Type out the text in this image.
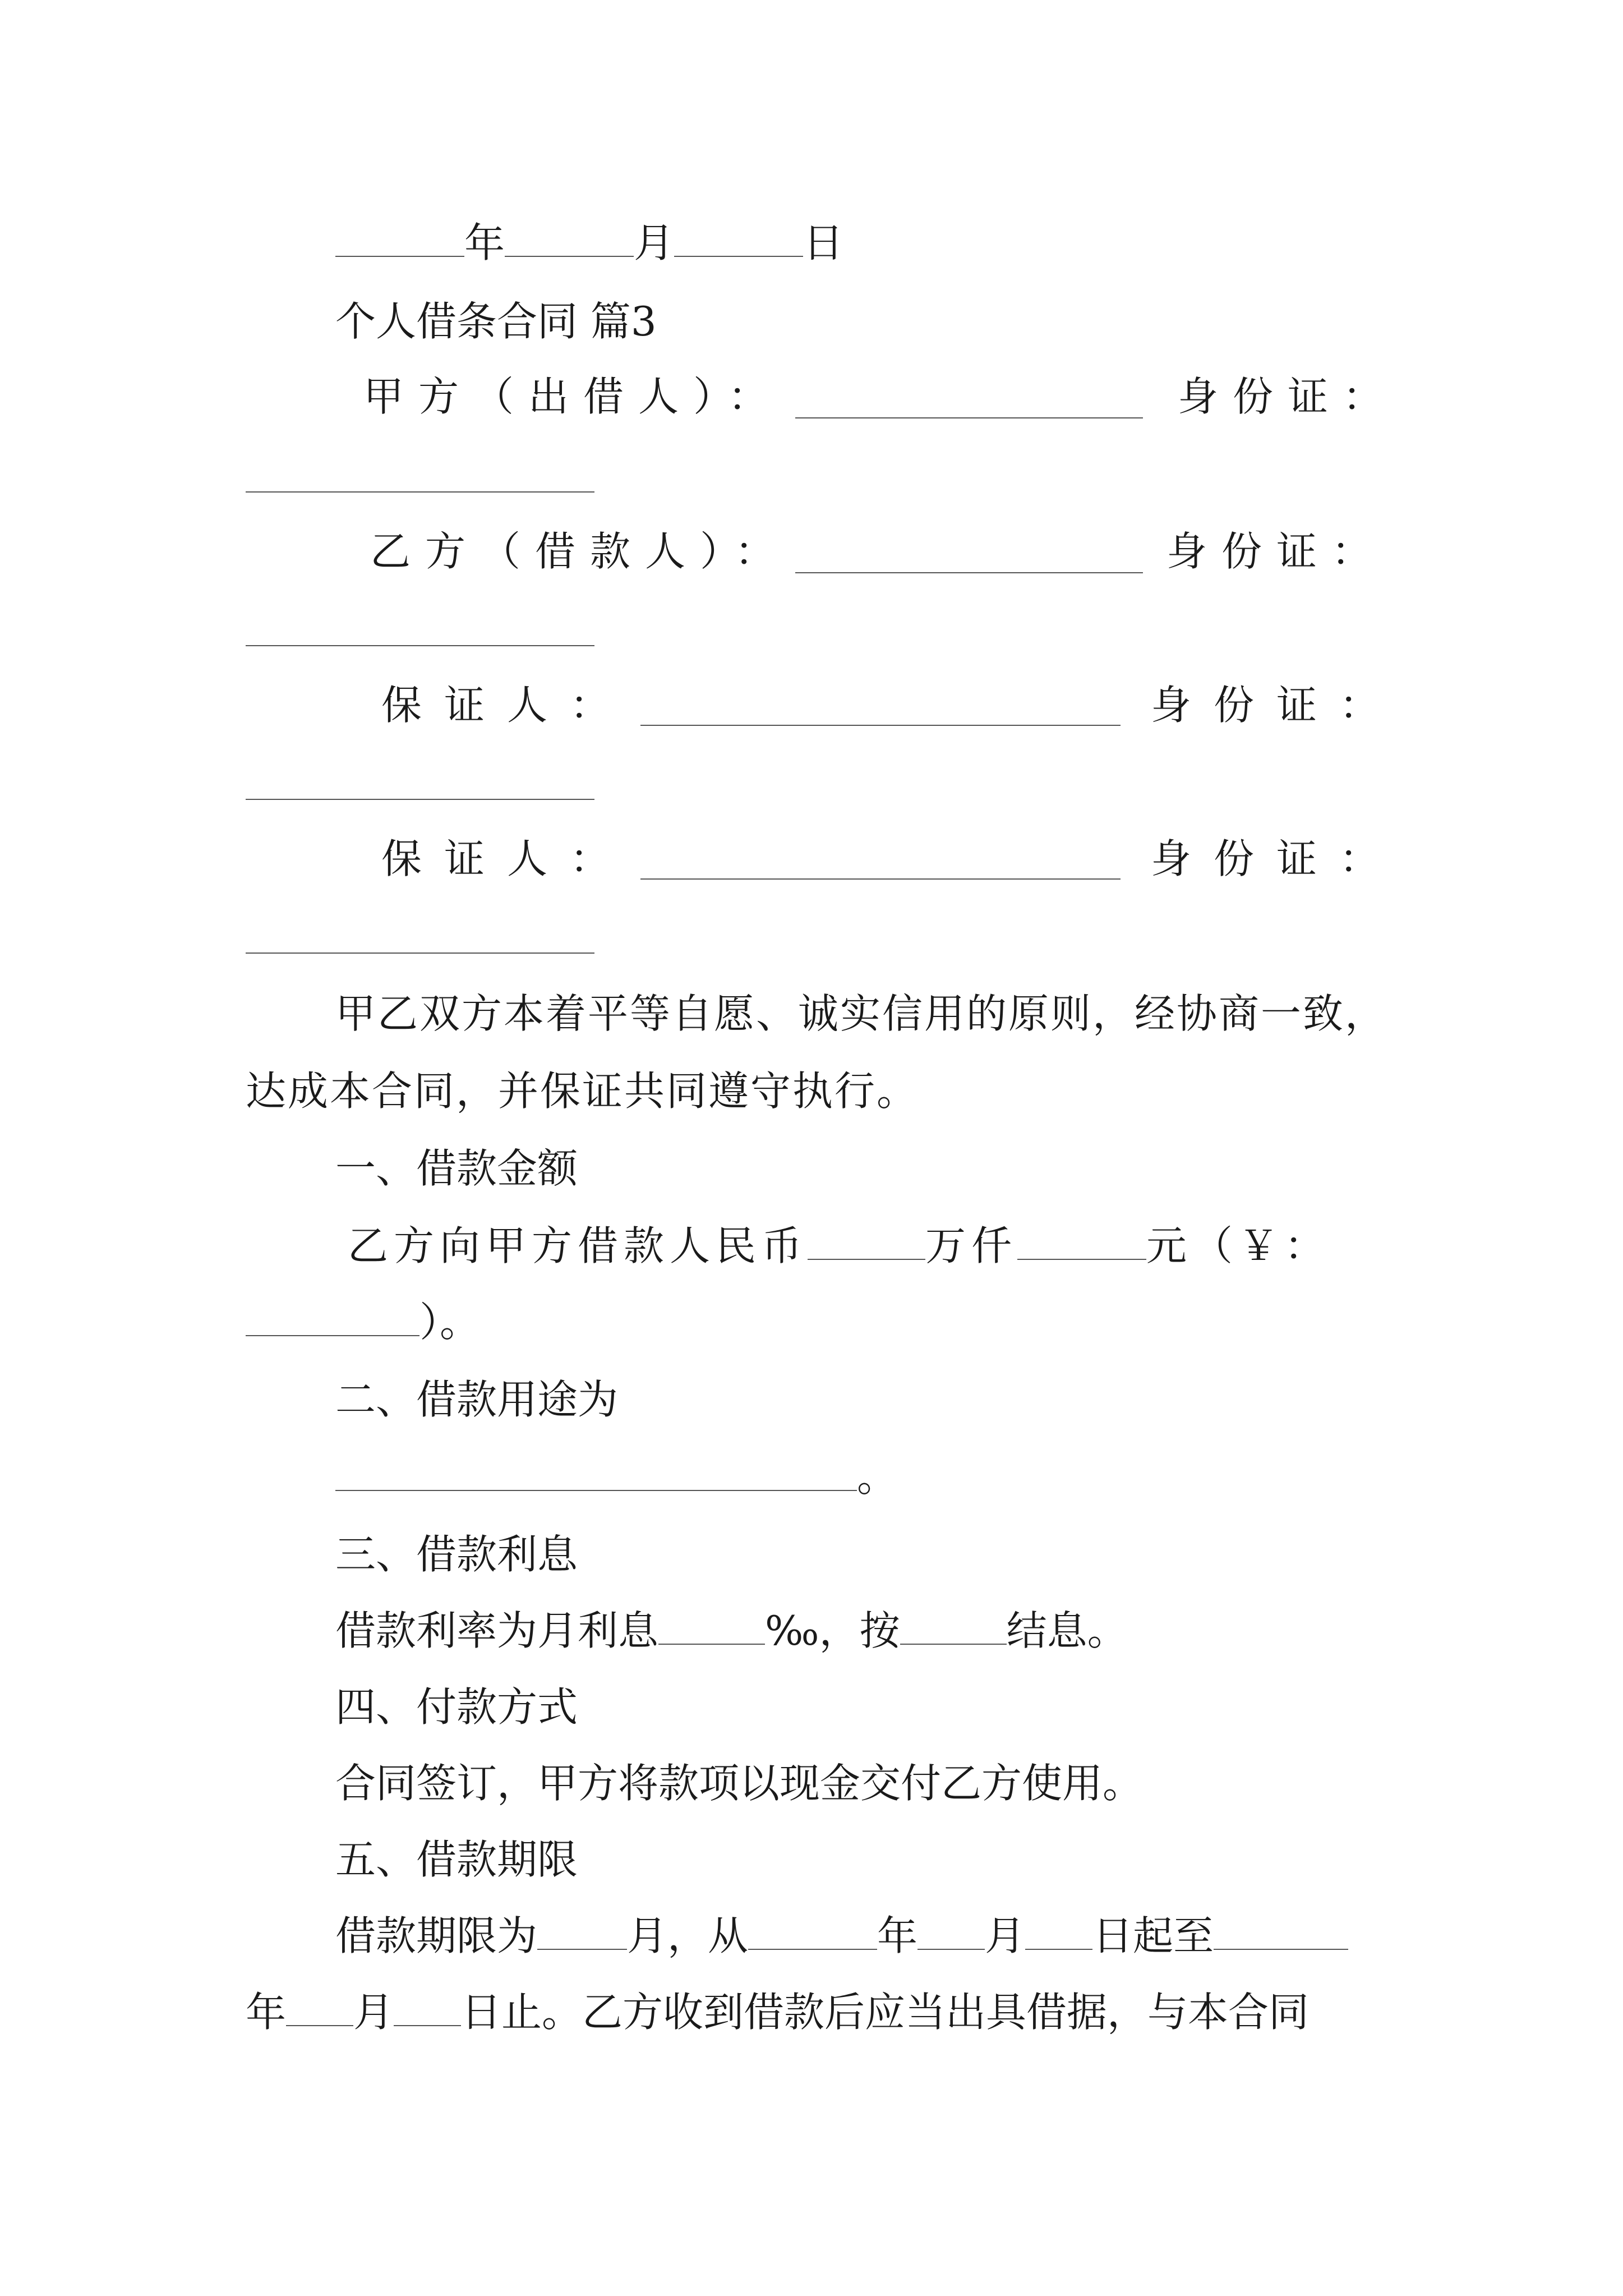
年	月	日
个人借条合同 篇3
甲方（出借人）：	身份证：
乙方（借款人）：	身份证：
保证人：	身份证：
保证人：	身份证：
甲乙双方本着平等自愿、诚实信用的原则，经协商一致，
达成本合同，并保证共同遵守执行。
一、借款金额
乙方向甲方借款人民币	万仟	元（￥：
）。
二、借款用途为
。
三、借款利息
借款利率为月利息	‰，按	结息。
四、付款方式
合同签订，甲方将款项以现金交付乙方使用。
五、借款期限
借款期限为 月，从	年 月 日起至
年 月 日止。乙方收到借款后应当出具借据，与本合同
